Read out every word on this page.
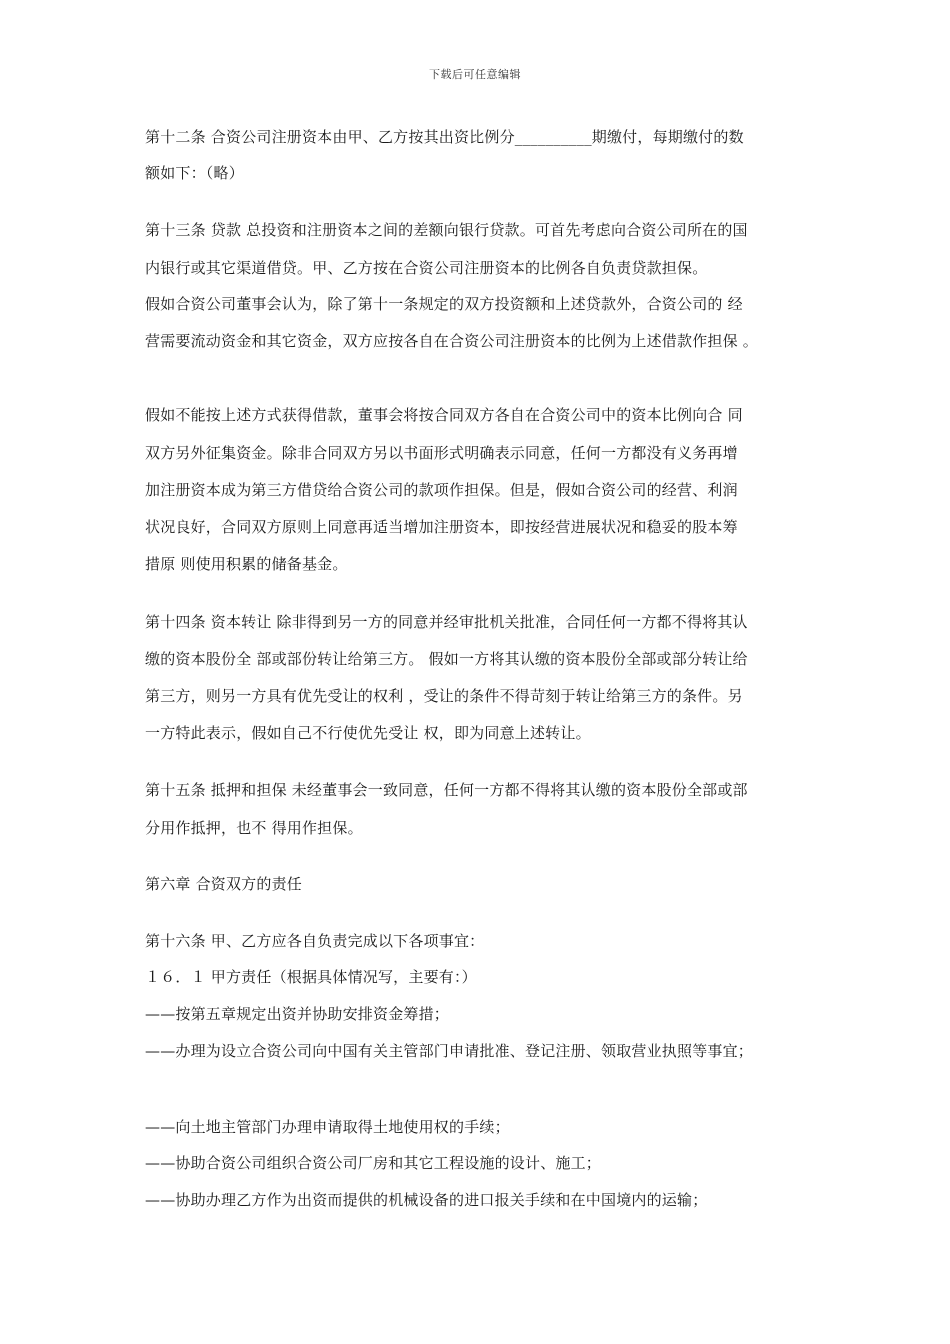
下载后可任意编辑
第十二条 合资公司注册资本由甲、乙方按其出资比例分__________期缴付，每期缴付的数
额如下：（略）
第十三条 贷款 总投资和注册资本之间的差额向银行贷款。可首先考虑向合资公司所在的国
内银行或其它渠道借贷。甲、乙方按在合资公司注册资本的比例各自负责贷款担保。
假如合资公司董事会认为，除了第十一条规定的双方投资额和上述贷款外，合资公司的 经
营需要流动资金和其它资金，双方应按各自在合资公司注册资本的比例为上述借款作担保 。
假如不能按上述方式获得借款，董事会将按合同双方各自在合资公司中的资本比例向合 同
双方另外征集资金。除非合同双方另以书面形式明确表示同意，任何一方都没有义务再增
加注册资本成为第三方借贷给合资公司的款项作担保。但是，假如合资公司的经营、利润
状况良好，合同双方原则上同意再适当增加注册资本，即按经营进展状况和稳妥的股本筹
措原 则使用积累的储备基金。
第十四条 资本转让 除非得到另一方的同意并经审批机关批准，合同任何一方都不得将其认
缴的资本股份全 部或部份转让给第三方。 假如一方将其认缴的资本股份全部或部分转让给
第三方，则另一方具有优先受让的权利 ，受让的条件不得苛刻于转让给第三方的条件。另
一方特此表示，假如自己不行使优先受让 权，即为同意上述转让。
第十五条 抵押和担保 未经董事会一致同意，任何一方都不得将其认缴的资本股份全部或部
分用作抵押，也不 得用作担保。
第六章 合资双方的责任
第十六条 甲、乙方应各自负责完成以下各项事宜：
１６．１ 甲方责任（根据具体情况写，主要有：）
——按第五章规定出资并协助安排资金筹措；
——办理为设立合资公司向中国有关主管部门申请批准、登记注册、领取营业执照等事宜；
——向土地主管部门办理申请取得土地使用权的手续；
——协助合资公司组织合资公司厂房和其它工程设施的设计、施工；
——协助办理乙方作为出资而提供的机械设备的进口报关手续和在中国境内的运输；
